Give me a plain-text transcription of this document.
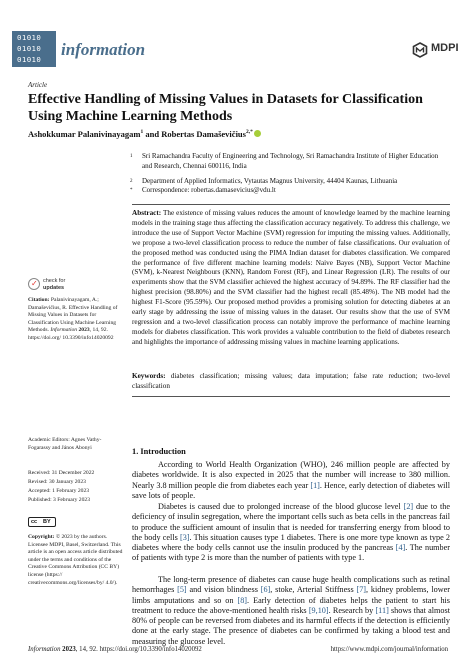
01010
01010
01010
information	MDPI
Article
Effective Handling of Missing Values in Datasets for Classification Using Machine Learning Methods
Ashokkumar Palanivinayagam$^1$ and Robertas Damaševičius$^{2,*}$
1 Sri Ramachandra Faculty of Engineering and Technology, Sri Ramachandra Institute of Higher Education and Research, Chennai 600116, India
2 Department of Applied Informatics, Vytautas Magnus University, 44404 Kaunas, Lithuania
* Correspondence: robertas.damasevicius@vdu.lt
Abstract: The existence of missing values reduces the amount of knowledge learned by the machine learning models in the training stage thus affecting the classification accuracy negatively. To address this challenge, we introduce the use of Support Vector Machine (SVM) regression for imputing the missing values. Additionally, we propose a two-level classification process to reduce the number of false classifications. Our evaluation of the proposed method was conducted using the PIMA Indian dataset for diabetes classification. We compared the performance of five different machine learning models: Naive Bayes (NB), Support Vector Machine (SVM), k-Nearest Neighbours (KNN), Random Forest (RF), and Linear Regression (LR). The results of our experiments show that the SVM classifier achieved the highest accuracy of 94.89%. The RF classifier had the highest precision (98.80%) and the SVM classifier had the highest recall (85.48%). The NB model had the highest F1-Score (95.59%). Our proposed method provides a promising solution for detecting diabetes at an early stage by addressing the issue of missing values in the dataset. Our results show that the use of SVM regression and a two-level classification process can notably improve the performance of machine learning models for diabetes classification. This work provides a valuable contribution to the field of diabetes research and highlights the importance of addressing missing values in machine learning applications.
Keywords: diabetes classification; missing values; data imputation; false rate reduction; two-level classification
✓ check for
updates
Citation: Palanivinayagam, A.; Damaševičius, R. Effective Handling of Missing Values in Datasets for Classification Using Machine Learning Methods. Information 2023, 14, 92. https://doi.org/ 10.3390/info14020092
Academic Editors: Agnes Vathy-Fogarassy and János Abonyi
Received: 31 December 2022
Revised: 30 January 2023
Accepted: 1 February 2023
Published: 3 February 2023
cc BY
Copyright: © 2023 by the authors. Licensee MDPI, Basel, Switzerland. This article is an open access article distributed under the terms and conditions of the Creative Commons Attribution (CC BY) license (https:// creativecommons.org/licenses/by/ 4.0/).
1. Introduction
According to World Health Organization (WHO), 246 million people are affected by diabetes worldwide. It is also expected in 2025 that the number will increase to 380 million. Nearly 3.8 million people die from diabetes each year [1]. Hence, early detection of diabetes will save lots of people.
Diabetes is caused due to prolonged increase of the blood glucose level [2] due to the deficiency of insulin segregation, where the important cells such as beta cells in the pancreas fail to produce the sufficient amount of insulin that is needed for transferring energy from blood to the body cells [3]. This situation causes type 1 diabetes. There is one more type known as type 2 diabetes where the body cells cannot use the insulin produced by the pancreas [4]. The number of patients with type 2 is more than the number of patients with type 1.
The long-term presence of diabetes can cause huge health complications such as retinal hemorrhages [5] and vision blindness [6], stoke, Arterial Stiffness [7], kidney problems, lower limbs amputations and so on [8]. Early detection of diabetes helps the patient to start his treatment to reduce the above-mentioned health risks [9,10]. Research by [11] shows that almost 80% of people can be reversed from diabetes and its harmful effects if the detection is efficiently done at the early stage. The presence of diabetes can be confirmed by taking a blood test and measuring the glucose level.
Information 2023, 14, 92. https://doi.org/10.3390/info14020092	https://www.mdpi.com/journal/information
